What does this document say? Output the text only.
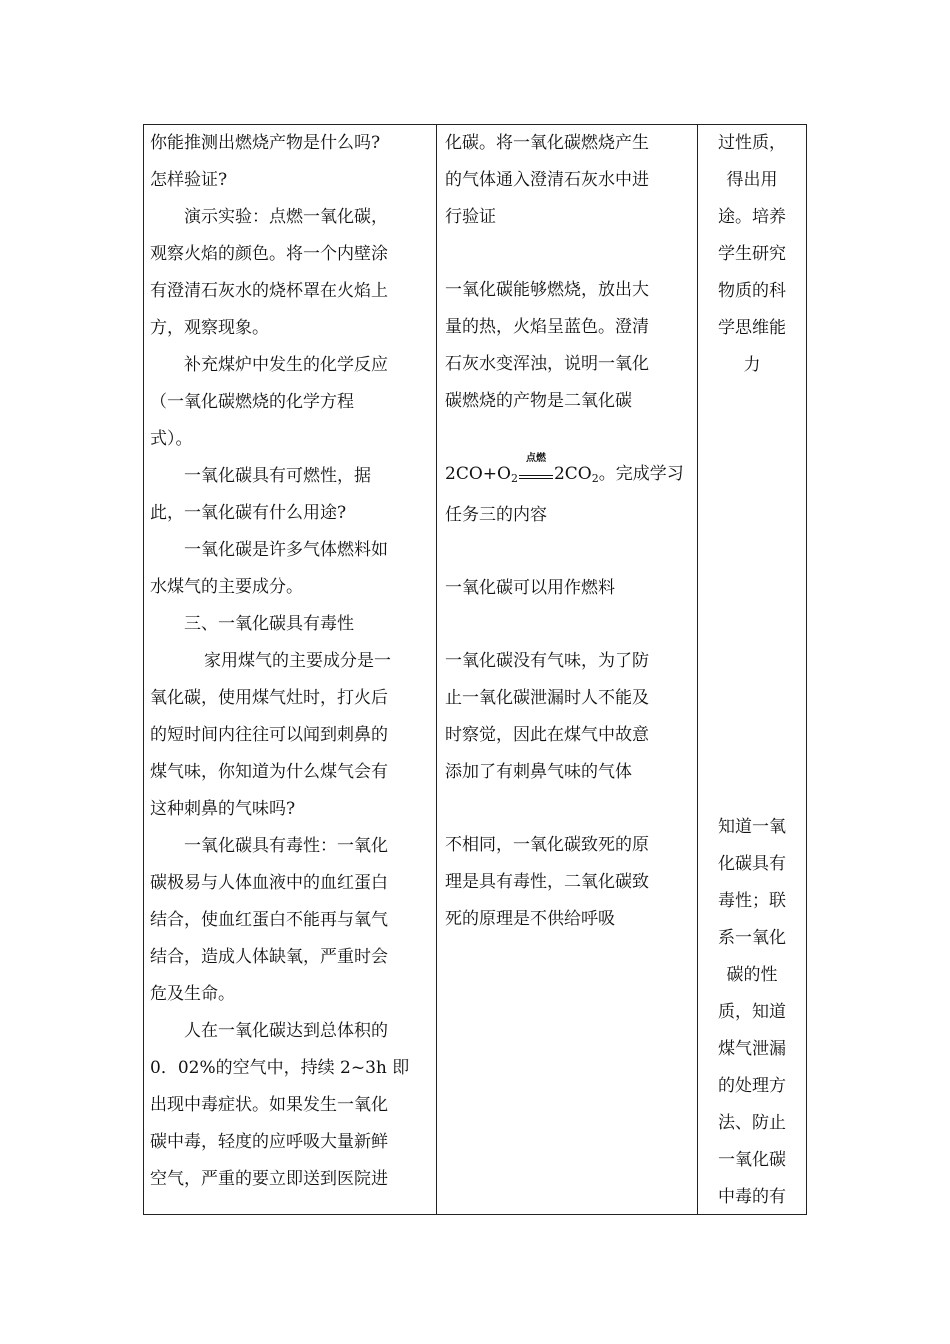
你能推测出燃烧产物是什么吗?

怎样验证?

演示实验：点燃一氧化碳，

观察火焰的颜色。将一个内壁涂

有澄清石灰水的烧杯罩在火焰上

方，观察现象。

补充煤炉中发生的化学反应

（一氧化碳燃烧的化学方程

式）。

一氧化碳具有可燃性，据

此，一氧化碳有什么用途?

一氧化碳是许多气体燃料如

水煤气的主要成分。

三、一氧化碳具有毒性

家用煤气的主要成分是一

氧化碳，使用煤气灶时，打火后

的短时间内往往可以闻到刺鼻的

煤气味，你知道为什么煤气会有

这种刺鼻的气味吗?

一氧化碳具有毒性：一氧化

碳极易与人体血液中的血红蛋白

结合，使血红蛋白不能再与氧气

结合，造成人体缺氧，严重时会

危及生命。

人在一氧化碳达到总体积的

0．02%的空气中，持续 2~3h 即

出现中毒症状。如果发生一氧化

碳中毒，轻度的应呼吸大量新鲜

空气，严重的要立即送到医院进

化碳。将一氧化碳燃烧产生

的气体通入澄清石灰水中进

行验证

一氧化碳能够燃烧，放出大

量的热，火焰呈蓝色。澄清

石灰水变浑浊，说明一氧化

碳燃烧的产物是二氧化碳

$2CO+O_2$
点燃
$2CO_2$。完成学习

任务三的内容

一氧化碳可以用作燃料

一氧化碳没有气味，为了防

止一氧化碳泄漏时人不能及

时察觉，因此在煤气中故意

添加了有刺鼻气味的气体

不相同，一氧化碳致死的原

理是具有毒性，二氧化碳致

死的原理是不供给呼吸

过性质，

得出用

途。培养

学生研究

物质的科

学思维能

力

知道一氧

化碳具有

毒性；联

系一氧化

碳的性

质，知道

煤气泄漏

的处理方

法、防止

一氧化碳

中毒的有
